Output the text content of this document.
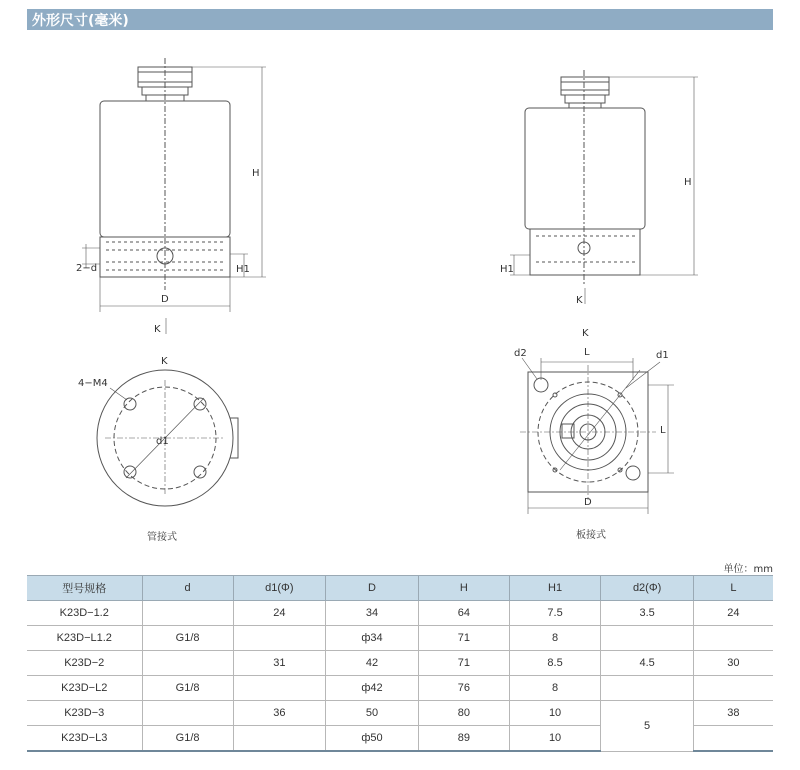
外形尺寸(毫米)
H
H1
D
2−d
K
K
4−M4
d1
H
H1
K
K
d2	L	d1
L
D
管接式	板接式
单位：mm
型号规格	d	d1(Φ)	D	H	H1	d2(Φ)	L
K23D−1.2		24	34	64	7.5	3.5	24
K23D−L1.2	G1/8		ф34	71	8		
K23D−2		31	42	71	8.5	4.5	30
K23D−L2	G1/8		ф42	76	8		
K23D−3		36	50	80	10	5	38
K23D−L3	G1/8		ф50	89	10		
